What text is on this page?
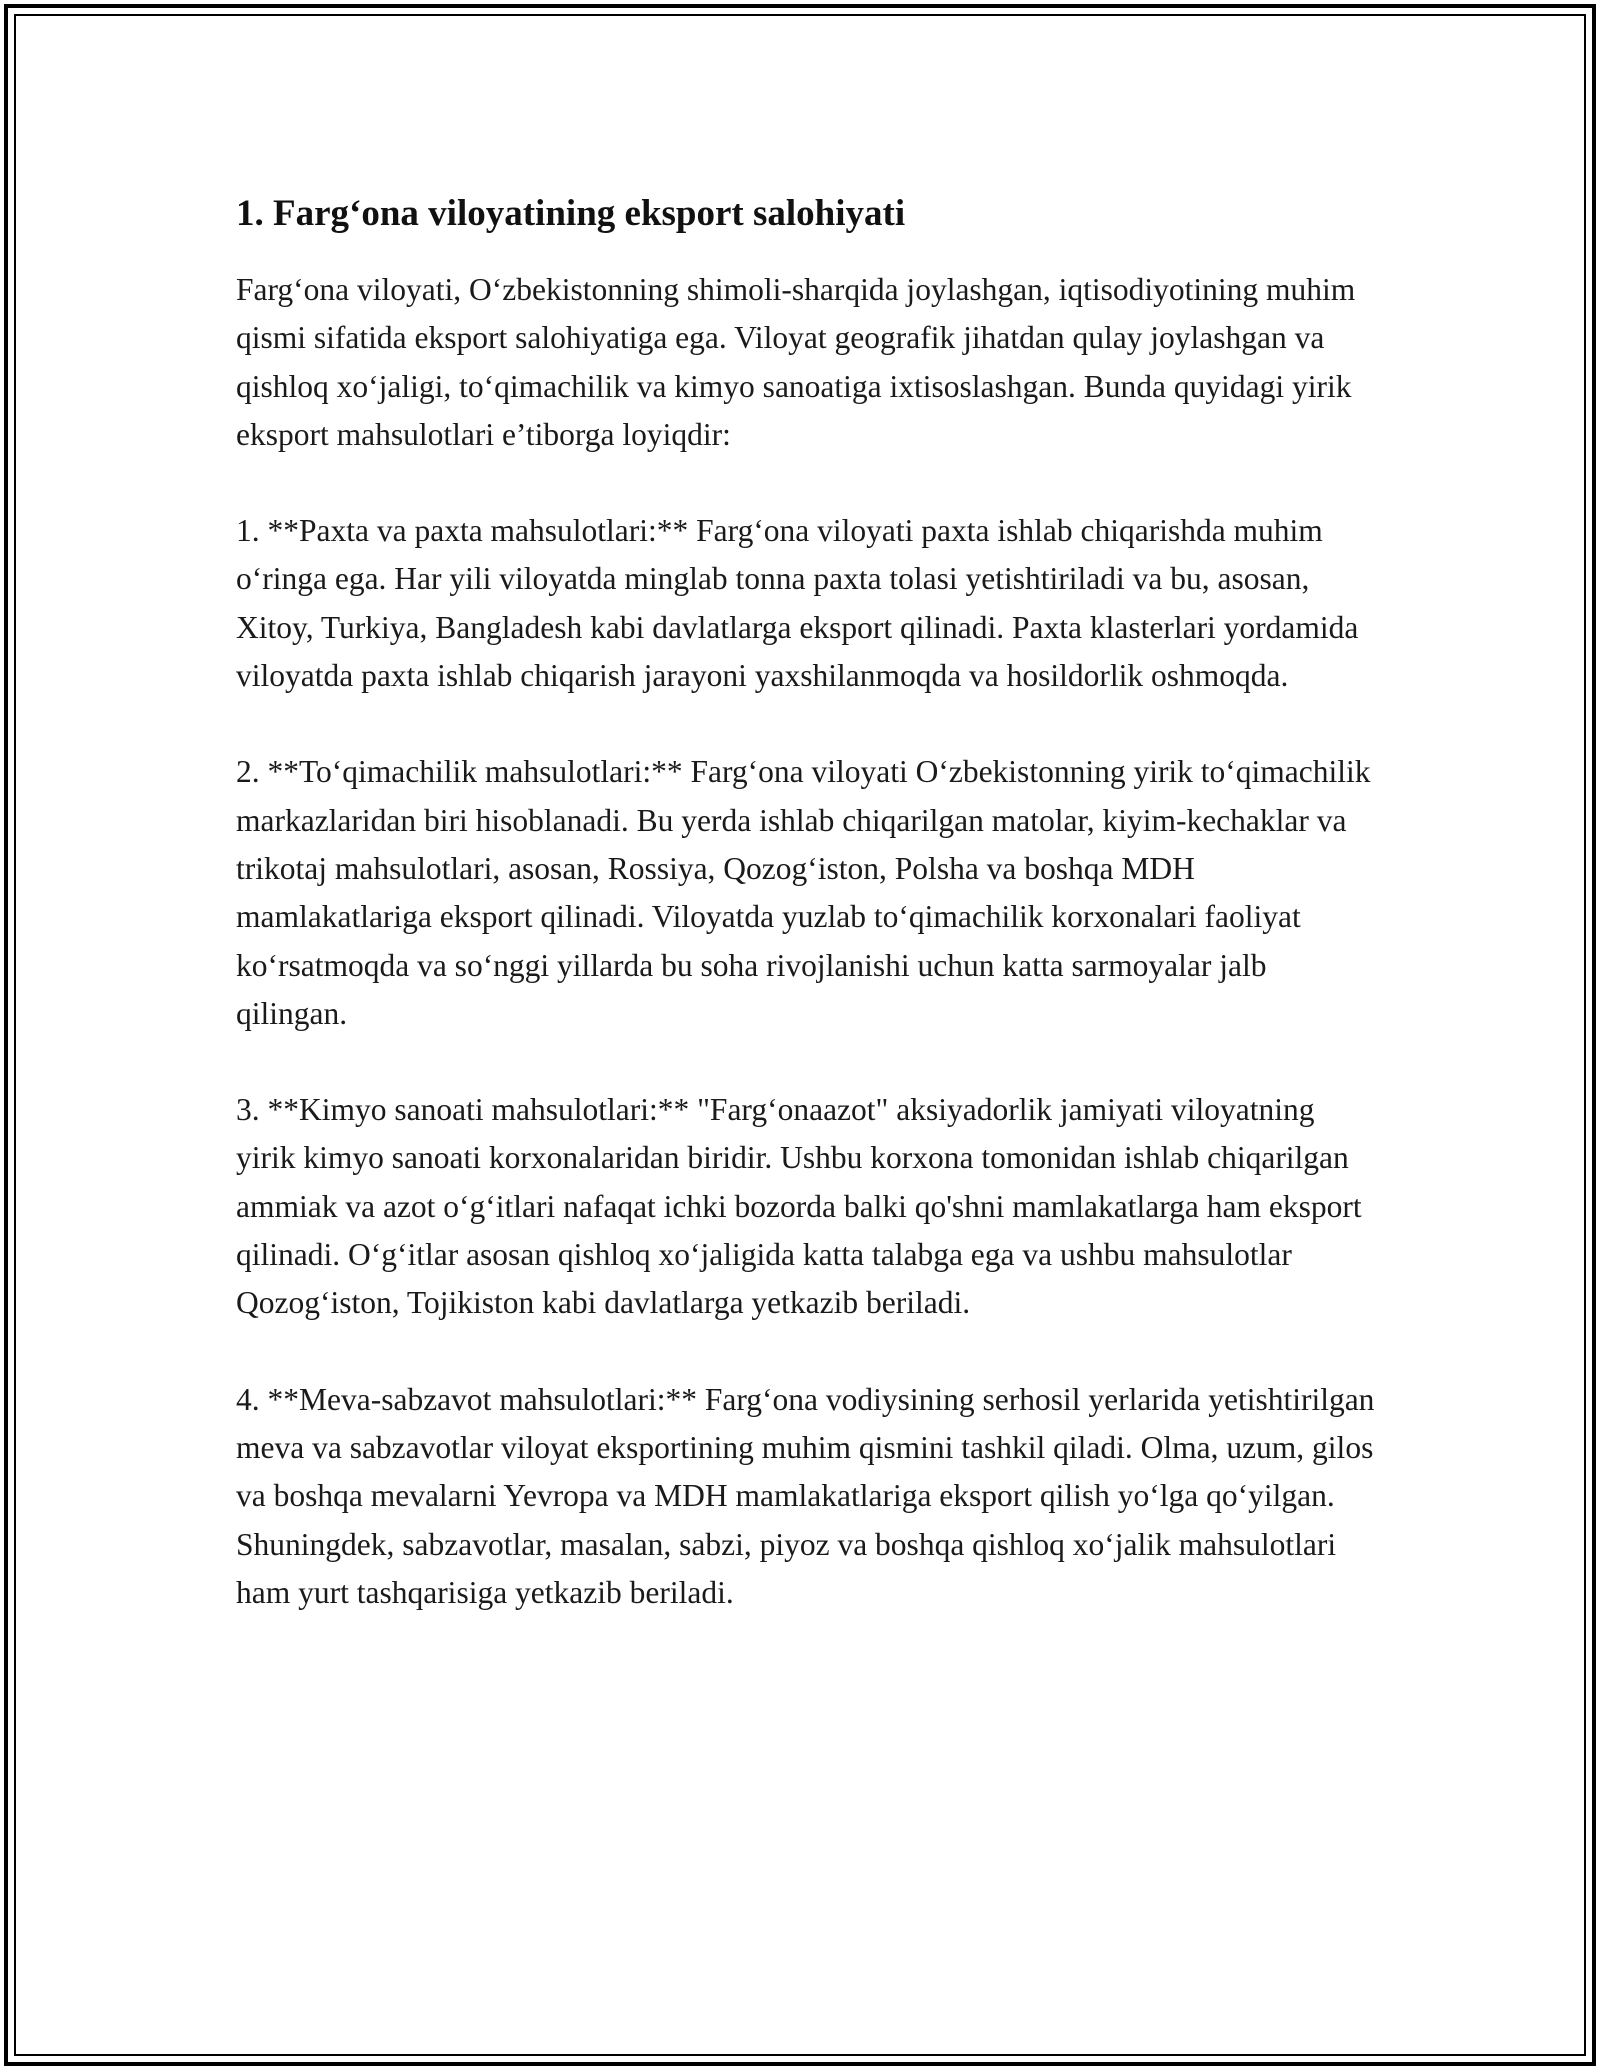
1. Farg‘ona viloyatining eksport salohiyati

Farg‘ona viloyati, O‘zbekistonning shimoli-sharqida joylashgan, iqtisodiyotining muhim qismi sifatida eksport salohiyatiga ega. Viloyat geografik jihatdan qulay joylashgan va qishloq xo‘jaligi, to‘qimachilik va kimyo sanoatiga ixtisoslashgan. Bunda quyidagi yirik eksport mahsulotlari e’tiborga loyiqdir:

1. **Paxta va paxta mahsulotlari:** Farg‘ona viloyati paxta ishlab chiqarishda muhim o‘ringa ega. Har yili viloyatda minglab tonna paxta tolasi yetishtiriladi va bu, asosan, Xitoy, Turkiya, Bangladesh kabi davlatlarga eksport qilinadi. Paxta klasterlari yordamida viloyatda paxta ishlab chiqarish jarayoni yaxshilanmoqda va hosildorlik oshmoqda.

2. **To‘qimachilik mahsulotlari:** Farg‘ona viloyati O‘zbekistonning yirik to‘qimachilik markazlaridan biri hisoblanadi. Bu yerda ishlab chiqarilgan matolar, kiyim-kechaklar va trikotaj mahsulotlari, asosan, Rossiya, Qozog‘iston, Polsha va boshqa MDH mamlakatlariga eksport qilinadi. Viloyatda yuzlab to‘qimachilik korxonalari faoliyat ko‘rsatmoqda va so‘nggi yillarda bu soha rivojlanishi uchun katta sarmoyalar jalb qilingan.

3. **Kimyo sanoati mahsulotlari:** "Farg‘onaazot" aksiyadorlik jamiyati viloyatning yirik kimyo sanoati korxonalaridan biridir. Ushbu korxona tomonidan ishlab chiqarilgan ammiak va azot o‘g‘itlari nafaqat ichki bozorda balki qo'shni mamlakatlarga ham eksport qilinadi. O‘g‘itlar asosan qishloq xo‘jaligida katta talabga ega va ushbu mahsulotlar Qozog‘iston, Tojikiston kabi davlatlarga yetkazib beriladi.

4. **Meva-sabzavot mahsulotlari:** Farg‘ona vodiysining serhosil yerlarida yetishtirilgan meva va sabzavotlar viloyat eksportining muhim qismini tashkil qiladi. Olma, uzum, gilos va boshqa mevalarni Yevropa va MDH mamlakatlariga eksport qilish yo‘lga qo‘yilgan. Shuningdek, sabzavotlar, masalan, sabzi, piyoz va boshqa qishloq xo‘jalik mahsulotlari ham yurt tashqarisiga yetkazib beriladi.
